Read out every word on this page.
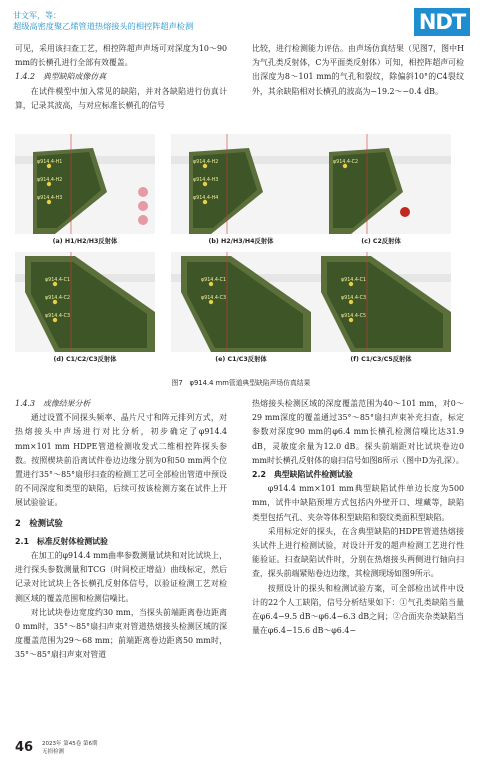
甘文军，等：
超级高密度聚乙烯管道热熔接头的相控阵超声检测	NDT

可见，采用该扫查工艺，相控阵超声声场可对深度为10～90 mm的长横孔进行全部有效覆盖。

1.4.2　典型缺陷成像仿真

在试件模型中加入常见的缺陷，并对各缺陷进行仿真计算，记录其波高，与对应标准长横孔的信号

比较，进行检测能力评估。由声场仿真结果（见图7，图中H为气孔类反射体，C为平面类反射体）可知，相控阵超声可检出深度为8～101 mm的气孔和裂纹，除偏斜10°的C4裂纹外，其余缺陷相对长横孔的波高为−19.2～−0.4 dB。

φ914.4-H1
φ914.4-H2
φ914.4-H3
(a) H1/H2/H3反射体
φ914.4-H2
φ914.4-H3
φ914.4-H4
(b) H2/H3/H4反射体
φ914.4-C2
(c) C2反射体
φ914.4-C1
φ914.4-C2
φ914.4-C3
(d) C1/C2/C3反射体
φ914.4-C1
φ914.4-C3
(e) C1/C3反射体
φ914.4-C1
φ914.4-C3
φ914.4-C5
(f) C1/C3/C5反射体
图7　φ914.4 mm管道典型缺陷声场仿真结果

1.4.3　成像结果分析

通过设置不同探头频率、晶片尺寸和阵元排列方式，对热熔接头中声场进行对比分析，初步确定了φ914.4 mm×101 mm HDPE管道检测收发式二维相控阵探头参数。按照楔块前沿离试件卷边边缘分别为0和50 mm两个位置进行35°～85°扇形扫查的检测工艺可全部检出管道中预设的不同深度和类型的缺陷，后续可按该检测方案在试件上开展试验验证。

2　检测试验

2.1　标准反射体检测试验

在加工的φ914.4 mm曲率参数测量试块和对比试块上，进行探头参数测量和TCG（时间校正增益）曲线标定，然后记录对比试块上各长横孔反射体信号，以验证检测工艺对检测区域的覆盖范围和检测信噪比。

对比试块卷边宽度约30 mm，当探头前端距离卷边距离0 mm时，35°～85°扇扫声束对管道热熔接头检测区域的深度覆盖范围为29～68 mm；前端距离卷边距离50 mm时，35°～85°扇扫声束对管道

热熔接头检测区域的深度覆盖范围为40～101 mm，对0～29 mm深度的覆盖通过35°～85°扇扫声束补充扫查，标定参数对深度90 mm的φ6.4 mm长横孔检测信噪比达31.9 dB，灵敏度余量为12.0 dB。探头前端距对比试块卷边0 mm时长横孔反射体的扇扫信号如图8所示（图中D为孔深）。

2.2　典型缺陷试件检测试验

φ914.4 mm×101 mm典型缺陷试件单边长度为500 mm，试件中缺陷预埋方式包括内外壁开口、埋藏等，缺陷类型包括气孔、夹杂等体积型缺陷和裂纹类面积型缺陷。

采用标定好的探头，在含典型缺陷的HDPE管道热熔接头试件上进行检测试验，对设计开发的超声检测工艺进行性能验证。扫查缺陷试件时，分别在热熔接头两侧进行轴向扫查，探头前端紧贴卷边边缘，其检测现场如图9所示。

按照设计的探头和检测试验方案，可全部检出试件中设计的22个人工缺陷，信号分析结果如下：①气孔类缺陷当量在φ6.4−9.5 dB～φ6.4−6.3 dB之间；②合面夹杂类缺陷当量在φ6.4−15.6 dB～φ6.4−

46 2023年 第45卷 第6期
无损检测
